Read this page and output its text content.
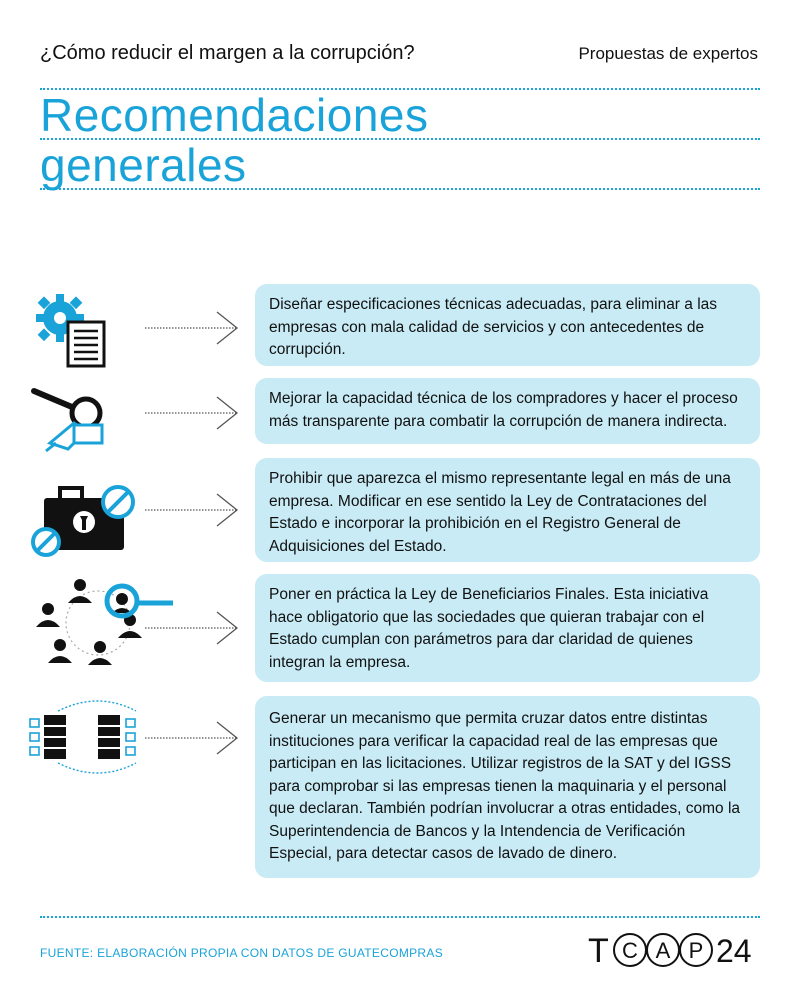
¿Cómo reducir el margen a la corrupción?	Propuestas de expertos
Recomendaciones
generales
Diseñar especificaciones técnicas adecuadas, para eliminar a las empresas con mala calidad de servicios y con antecedentes de corrupción.
Mejorar la capacidad técnica de los compradores y hacer el proceso más transparente para combatir la corrupción de manera indirecta.
Prohibir que aparezca el mismo representante legal en más de una empresa. Modificar en ese sentido la Ley de Contrataciones del Estado e incorporar la prohibición en el Registro General de Adquisiciones del Estado.
Poner en práctica la Ley de Beneficiarios Finales. Esta iniciativa hace obligatorio que las sociedades que quieran trabajar con el Estado cumplan con parámetros para dar claridad de quienes integran la empresa.
Generar un mecanismo que permita cruzar datos entre distintas instituciones para verificar la capacidad real de las empresas que participan en las licitaciones. Utilizar registros de la SAT y del IGSS para comprobar si las empresas tienen la maquinaria y el personal que declaran. También podrían involucrar a otras entidades, como la Superintendencia de Bancos y la Intendencia de Verificación Especial, para detectar casos de lavado de dinero.
FUENTE: ELABORACIÓN PROPIA CON DATOS DE GUATECOMPRAS	T C A P 24
